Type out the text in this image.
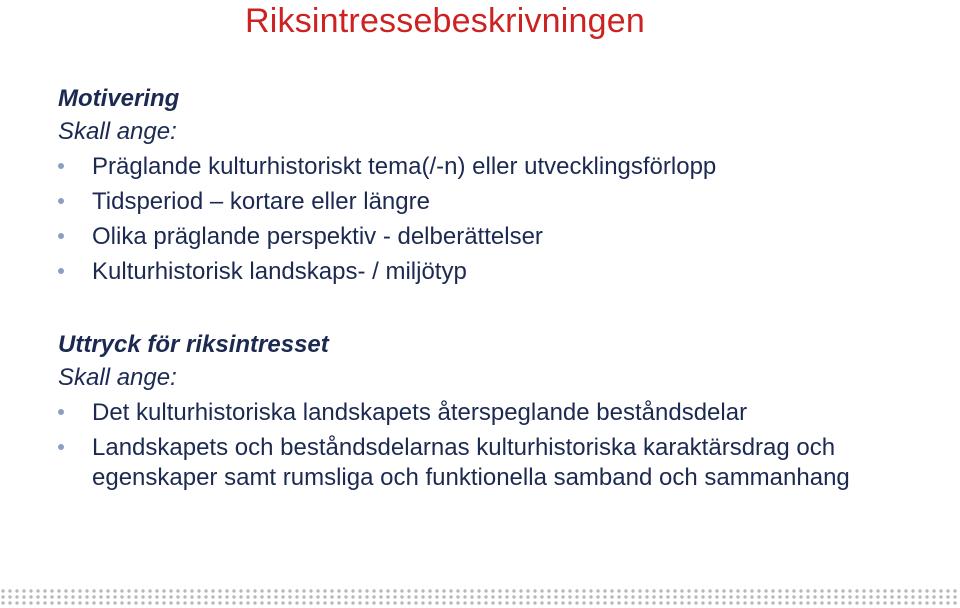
Riksintressebeskrivningen

Motivering

Skall ange:

Präglande kulturhistoriskt tema(/-n) eller utvecklingsförlopp
Tidsperiod – kortare eller längre
Olika präglande perspektiv - delberättelser
Kulturhistorisk landskaps- / miljötyp

Uttryck för riksintresset

Skall ange:

Det kulturhistoriska landskapets återspeglande beståndsdelar
Landskapets och beståndsdelarnas kulturhistoriska karaktärsdrag och egenskaper samt rumsliga och funktionella samband och sammanhang
